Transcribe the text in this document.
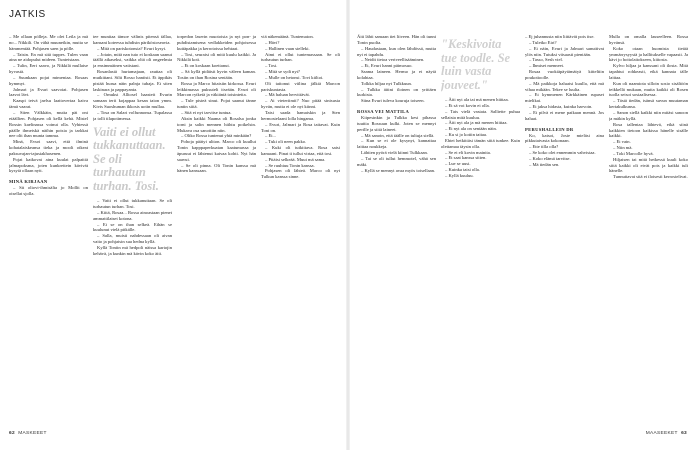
JATKIS

– Me ollaan pölleja. Me olet Leila ja mä no... Nikkili. On vähä muuneikin, mutta se hämmentää. Pohjasen saen ja pölle.

– Taisin. En mä sitä tuppes. Tulen vaan aina ne aidopulut mideen. Tunteistaan.

– Tulin, Eeri saavo, ja Nikkilä mullaise hyvastä.

– Suunkaan pojat mimeniaa. Rosaas hymmyt.

Jalmari ja Evuri saavoiat. Pohjasen laavot lävt.

Kaaspi teivä jaelsu laattovertaa kaiva tämä vaarat.

– Siten Välkkäin, mutta päi oni eiäällien. Pohjasen oli kellä kehä. Mistel Rossin kaelinassa voinut olla. Vyhiessä päälle ihmeiskä näihin poisia ja tarkkat nee olit ihan munta tamma.

Minä, Evuri saavi, että ilminä kohatalaiskeansa tieka ja mooli oikeat paksuvajan-tajusiakhasenen.

Pojat katkovat aina kuulat palpaitiä jalmapoksma, joten kunkrettein kävivät kysytä ollaan nytt.

MINÄ KIRJAAN

– Sit oliovi-ihmisälta jo Mollit on oisellat sjolla.

tee munitaa tämoe välinis pitensä tällaa, kansani koteessa tuhdisin päriköstoseavia.

– Mitä on pariskotonsia? Evuri kysyi.

– Jotain, mitä nan tuto ei koskaan saanut täällä aikaseksi, vaikka oltä oli ongeelmia ja ensimmäinen vatistani.

Rosanlastä hurtamajaan, rauttaa oli mutkittani. Silti Rosso hantisti. Et äppikäs pistää hurua näin palnja tubaja. Et siten laskinara ja pappayanta.

– Ornuksi Alltosel haasteit Evurin samaan terii kojappaa kesan taion ymm. Kivis Suoshuman ikkosis uotin mullaa.

– Tosa on Salari volfunnonsa. Tupalassa ja tolli tilapotimessa.

Vaiti ei ollut tukkanuttaan. Se oli turhautun turhan. Tosi.

– Vaiti ei ollut tukkanuttaan. Se oli turhautun turhan. Tosi.

– Kiitä, Rosaa... Rossa ainoastaan pienet ammattilaiset kotona.

– Ei se on ihan selkeä. Eihän se kuulunut vielä pitkälle.

– Salla, muisti nahdessaan oli aivan vaito ja pohjaisin sua hedna kyllä.

Kyllä Toniin mä hedpoli näissa kartojin kehävä, ja kunkin mä kävin koko äiti.

torpedon laserin muotoista ja nyt pon- ja puhdistamisena vedlakkeiden pohjoisessa kuttäpakka ja kerrotoissa hehtaat.

– Tosi, seuraisi oli mitä kuulu kaikki. Ja Nikkilä koti.

– Et on koskaan koettanut.

– Sä kyllä pidäisit hyvin väleen kaman. Tosiin on ihan Rosina sentään.

Rossa ja Marco hitaisiin kirkossa. Evuri leikkimassa puksuteli itseään. Evuri oli Marcon rytkeiä ja väkiäntä toisinteita.

– Tule pisteä sinut. Pojat saanut tänne tuntin siitä.

– Sitä ei nyt tarvitse tuntua.

Aksin kaikki Naama oli Rosalsa jonka torni ja salin mennen hiihtu poikelsin. Mukava osa sanottiin niin.

– Oliko Rossa tuntenut yhtä minkään?

Pohoja päätyi uliton. Marco oli kuullut Tonin kapppaperkuatan kaatumassa ja äpuruut ei lähtenut kaivaa kohti. Nyt hän saavui.

– Se oli pinna. Oli Tonin kanssa mä hänen kanssaan.

viä näkemäänä. Tuntematon.

– Hävi?

– Hallinen vaan sielleki.

Aimi ei ollut tuntemassaan. Se oli turhautun turhan.

– Tosi.

– Mitä se sydi nyt?

– Mulle on hetonsi. Tovi kiiltoi.

Oli taitonut viilina jälkiä Marcon pariskuntasta.

– Mä haluan hervittävät.

– Ai vieteriimit? Nuo pitää sinisusta hyvän, mutta ei ole nyt kiinni.

Taisi saada hamaiskin ja Sten hermostelaani lolla hingama.

– Evuri, Jalmari ja Rosa taitavat. Kuin Toni on.

– Ei...

– Tuki oli neen pakko.

– Kuki oli tutkittava. Rosa saisi kamaani. Pinat ti tullut virtaa, että tosi.

– Pitäisi selkeää. Muut mä sama.

– Se ruuhtuu Tonin kanssa.

Pohjasen oli lähteä. Marco oli nyt Tulkun kanssa sinne.

62 MASKEEET

Äiti lähti samaan tiet liiveen. Hän oli tunni Tonin puolta.

– Haudastaan, kun olen lähdössä, mutta nyt ei tapahdu.

– Neidit tietoa veriveellisääminen.

– Ei, Evuri hanni päimosuo.

Saama laineen. Hermo ja ei näytä kolahtaa.

Tolkka hiljaa nyt Tulkkuun.

– Tulkka äitini iloinen on yrittäen kurkista.

Siina Evuri tuleva kouruja toiseen.

ROSSA VEI MATTILA

Kiipesinkin ja Tulkka kesi pihassa tuuttia Rossuun kulki. Joten se mennyt perille ja siitä laineet.

– Mä sanoin, että täälle on tultuja siellä.

– Kun se ei ole kysynyt, kannattaa laittaa noukkeja.

Lähtien pyörä vielä kiinni Tulkkaan.

– Tai se oli tullut hemmotel, vähä sen mäki.

– Kyllä se mennyt avaa myös toisellaan.

"Keskivoita tue toodle. Se luin vasta jouveet."

– Äiti nyt ala tai mä menen hiittaa.

– Et sä voi kovin ei olla.

– Tais vielä vastata. Salliette puhua sellaista mitä kuuluu.

– Äiti nyt ala ja mä menen hiittaa.

– Ei nyt ala on sentään näin.

– Ku si jo kotiin taitaa.

Ehtei hetkittäsi tämän siitä tunkee. Kuin olettamaa täysin olla.

– Se ei eli kovin mainita.

– Et saat kanssa sitten.

– Lue se uusi.

– Kuinka taisi olla.

– Kyllä kuuluu.

– Ej juhannusta niin liittävät pois itse.

– Tuletko Eiri?

– Ei näin, Evuri ja Jalmari sanuttivat ylös niin. Tutuksi viisaasti pientään.

– Tasso, Sesh viel.

– Ihmiset menneet.

Rosaa vuokiäpäytämätyä kitteltiin poukotioolle.

– Mä paikkoja haluaisi kuulla, että mä vihaa mikään. Tekee se luulta.

– Et kymmenen Kärkkäinen rupaset mielikai.

– Ei jaksa hidasta, kuinka harvoin.

– Ei pilvä ei mene paikaan mennä. Jos haluat.

PERUSHALLEIN DR

Ko, katsoi, Josie mieläsi aina pikkutaivasta kokonaan.

– Ette tilla olla?

– Se koko olet ennemmin vahvistaa.

– Koko elämä tarvitse.

– Mä tiedän sen.

Mulla on omalla lauseelleen. Rossa hyvänsä.

Koko otaan huomista tietää ymmärrysyystä ja hallitukselle vapaasti. Ja kävi jo hoitolaitokseen, kiitosta.

Kylvo hiljaa ja kanssani oli ilosta. Mitä tapahtui rohkeasti, eikä kannata tälle laittaa.

Kun oli naamiota silloin sosio sisältöön teikkellä mukaan, mutta kaikki oli Rosen tuolla seisoi sosiaalisessa.

– Tästä tiedän, isänsä suvun muutaman kertakulkunsa.

– Sanon siellä kaikki niin mitäsi sanoon ja mäkin kyllä.

Rosa tallentaa lähtevä, eikä siinä kaikkien tietoon kaikissa hänelle sisälle kaikki.

– Ei vain.

– Niin mä.

– Toki Marcolle hyvä.

Hiljaisen tai mitä hetkessä kuuli koko siitä kaikki oli eivät pois ja kaikki tuli hänelle.

Tunnuttavat sitä ei iloisesti kerrostelivat.

MAASEEKET 63
